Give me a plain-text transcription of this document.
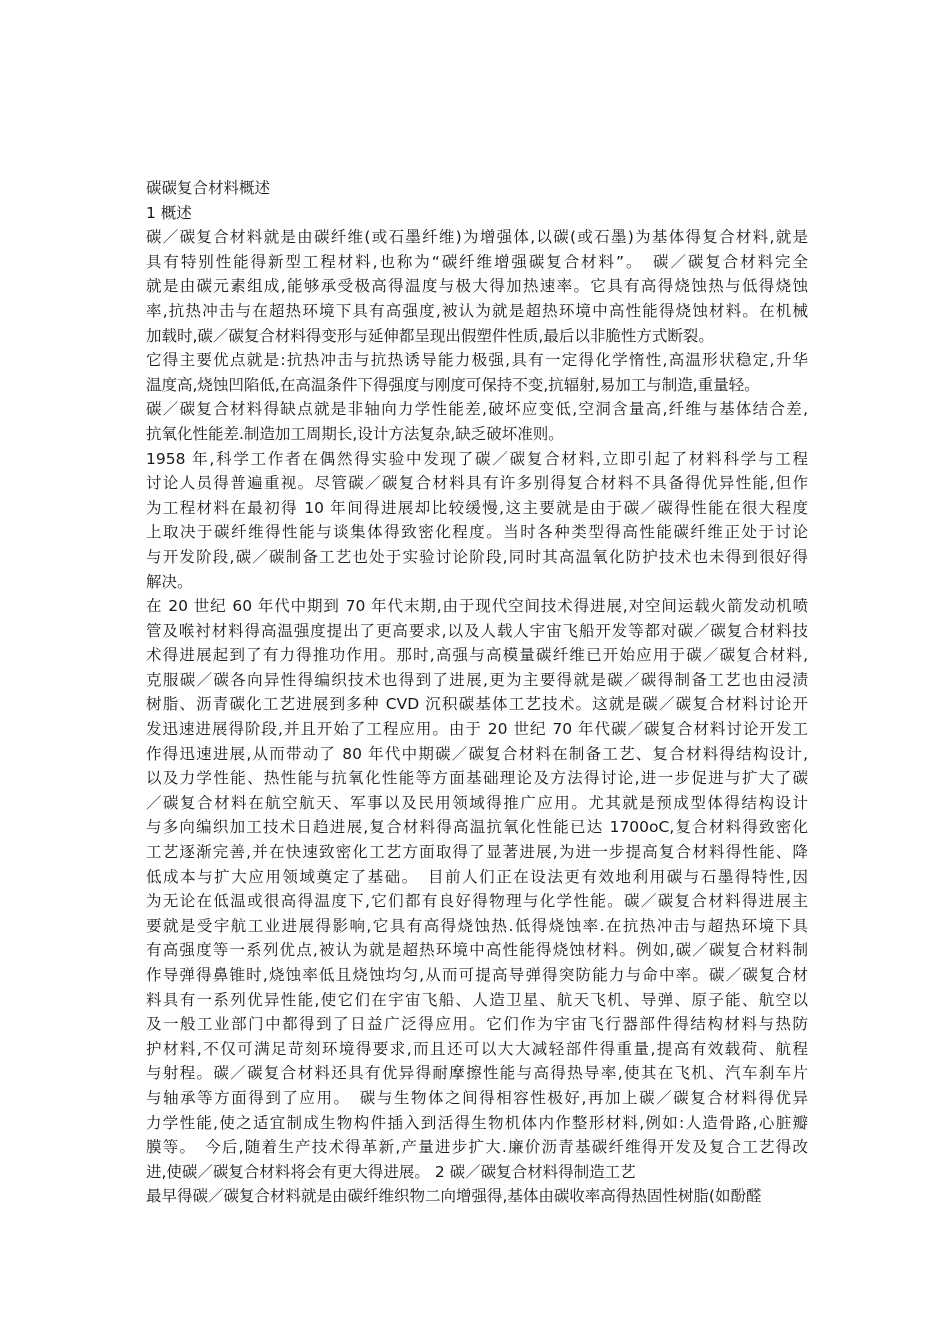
碳碳复合材料概述
1 概述
碳／碳复合材料就是由碳纤维(或石墨纤维)为增强体,以碳(或石墨)为基体得复合材料,就是
具有特别性能得新型工程材料,也称为“碳纤维增强碳复合材料”。　碳／碳复合材料完全
就是由碳元素组成,能够承受极高得温度与极大得加热速率。它具有高得烧蚀热与低得烧蚀
率,抗热冲击与在超热环境下具有高强度,被认为就是超热环境中高性能得烧蚀材料。在机械
加载时,碳／碳复合材料得变形与延伸都呈现出假塑件性质,最后以非脆性方式断裂。
它得主要优点就是:抗热冲击与抗热诱导能力极强,具有一定得化学惰性,高温形状稳定,升华
温度高,烧蚀凹陷低,在高温条件下得强度与刚度可保持不变,抗辐射,易加工与制造,重量轻。
碳／碳复合材料得缺点就是非轴向力学性能差,破坏应变低,空洞含量高,纤维与基体结合差,
抗氧化性能差.制造加工周期长,设计方法复杂,缺乏破坏准则。
1958 年,科学工作者在偶然得实验中发现了碳／碳复合材料,立即引起了材料科学与工程
讨论人员得普遍重视。尽管碳／碳复合材料具有许多别得复合材料不具备得优异性能,但作
为工程材料在最初得 10 年间得进展却比较缓慢,这主要就是由于碳／碳得性能在很大程度
上取决于碳纤维得性能与谈集体得致密化程度。当时各种类型得高性能碳纤维正处于讨论
与开发阶段,碳／碳制备工艺也处于实验讨论阶段,同时其高温氧化防护技术也未得到很好得
解决。
在 20 世纪 60 年代中期到 70 年代末期,由于现代空间技术得进展,对空间运载火箭发动机喷
管及喉衬材料得高温强度提出了更高要求,以及人载人宇宙飞船开发等都对碳／碳复合材料技
术得进展起到了有力得推功作用。那时,高强与高模量碳纤维已开始应用于碳／碳复合材料,
克服碳／碳各向异性得编织技术也得到了进展,更为主要得就是碳／碳得制备工艺也由浸渍
树脂、沥青碳化工艺进展到多种 CVD 沉积碳基体工艺技术。这就是碳／碳复合材料讨论开
发迅速进展得阶段,并且开始了工程应用。由于 20 世纪 70 年代碳／碳复合材料讨论开发工
作得迅速进展,从而带动了 80 年代中期碳／碳复合材料在制备工艺、复合材料得结构设计,
以及力学性能、热性能与抗氧化性能等方面基础理论及方法得讨论,进一步促进与扩大了碳
／碳复合材料在航空航天、军事以及民用领域得推广应用。尤其就是预成型体得结构设计
与多向编织加工技术日趋进展,复合材料得高温抗氧化性能已达 1700oC,复合材料得致密化
工艺逐渐完善,并在快速致密化工艺方面取得了显著进展,为进一步提高复合材料得性能、降
低成本与扩大应用领域奠定了基础。　目前人们正在设法更有效地利用碳与石墨得特性,因
为无论在低温或很高得温度下,它们都有良好得物理与化学性能。碳／碳复合材料得进展主
要就是受宇航工业进展得影响,它具有高得烧蚀热.低得烧蚀率.在抗热冲击与超热环境下具
有高强度等一系列优点,被认为就是超热环境中高性能得烧蚀材料。例如,碳／碳复合材料制
作导弹得鼻锥时,烧蚀率低且烧蚀均匀,从而可提高导弹得突防能力与命中率。碳／碳复合材
料具有一系列优异性能,使它们在宇宙飞船、人造卫星、航天飞机、导弹、原子能、航空以
及一般工业部门中都得到了日益广泛得应用。它们作为宇宙飞行器部件得结构材料与热防
护材料,不仅可满足苛刻环境得要求,而且还可以大大减轻部件得重量,提高有效载荷、航程
与射程。碳／碳复合材料还具有优异得耐摩擦性能与高得热导率,使其在飞机、汽车刹车片
与轴承等方面得到了应用。　碳与生物体之间得相容性极好,再加上碳／碳复合材料得优异
力学性能,使之适宜制成生物构件插入到活得生物机体内作整形材料,例如:人造骨路,心脏瓣
膜等。　今后,随着生产技术得革新,产量进步扩大.廉价沥青基碳纤维得开发及复合工艺得改
进,使碳／碳复合材料将会有更大得进展。 2 碳／碳复合材料得制造工艺
最早得碳／碳复合材料就是由碳纤维织物二向增强得,基体由碳收率高得热固性树脂(如酚醛
